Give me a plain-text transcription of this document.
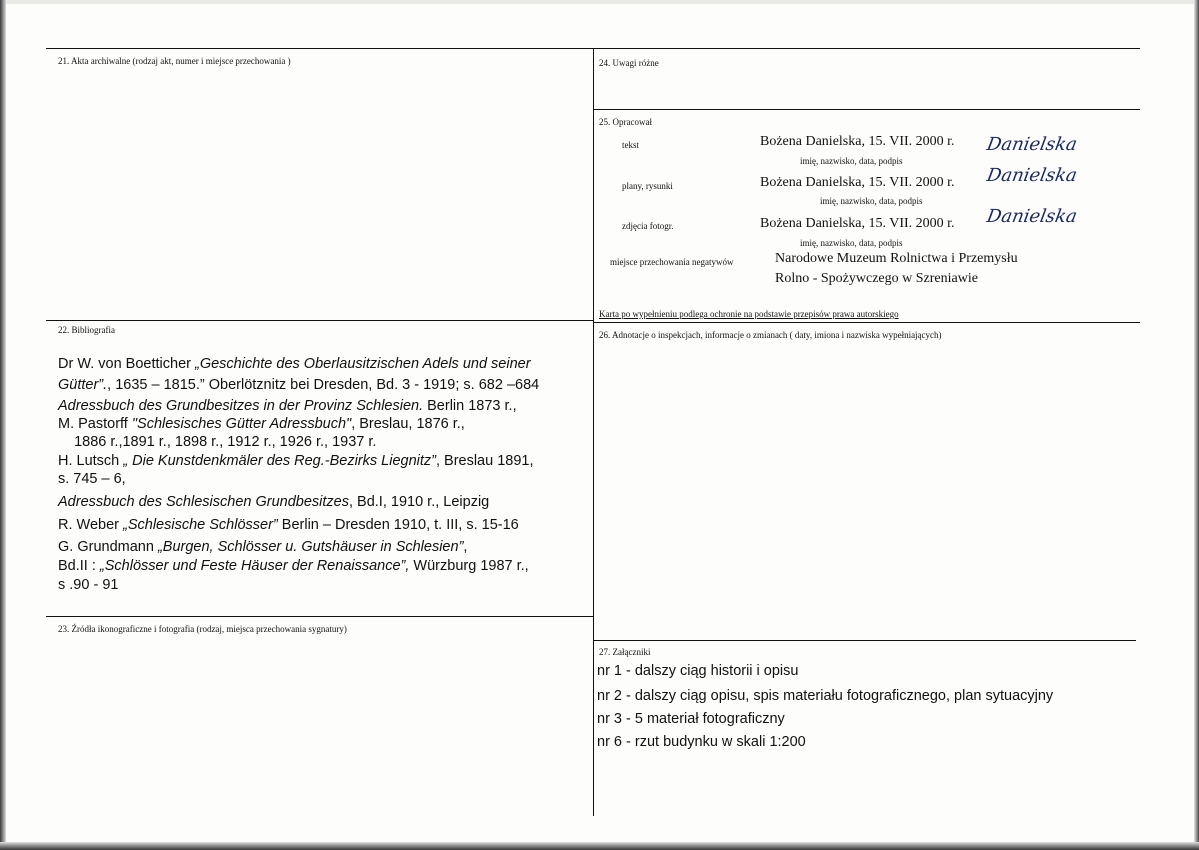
21. Akta archiwalne (rodzaj akt, numer i miejsce przechowania )	24. Uwagi różne
25. Opracował
tekst	Bożena Danielska, 15. VII. 2000 r. Danielska
imię, nazwisko, data, podpis
plany, rysunki	Bożena Danielska, 15. VII. 2000 r. Danielska
imię, nazwisko, data, podpis
zdjęcia fotogr.	Bożena Danielska, 15. VII. 2000 r. Danielska
imię, nazwisko, data, podpis
miejsce przechowania negatywów	Narodowe Muzeum Rolnictwa i Przemysłu
Rolno - Spożywczego w Szreniawie
Karta po wypełnieniu podlega ochronie na podstawie przepisów prawa autorskiego
22. Bibliografia
Dr W. von Boetticher „Geschichte des Oberlausitzischen Adels und seiner
Gütter”., 1635 – 1815.” Oberlötznitz bei Dresden, Bd. 3 - 1919; s. 682 –684
Adressbuch des Grundbesitzes in der Provinz Schlesien. Berlin 1873 r.,
M. Pastorff "Schlesisches Gütter Adressbuch", Breslau, 1876 r.,
1886 r.,1891 r., 1898 r., 1912 r., 1926 r., 1937 r.
H. Lutsch „ Die Kunstdenkmäler des Reg.-Bezirks Liegnitz”, Breslau 1891,
s. 745 – 6,
Adressbuch des Schlesischen Grundbesitzes, Bd.I, 1910 r., Leipzig
R. Weber „Schlesische Schlösser” Berlin – Dresden 1910, t. III, s. 15-16
G. Grundmann „Burgen, Schlösser u. Gutshäuser in Schlesien”,
Bd.II : „Schlösser und Feste Häuser der Renaissance”, Würzburg 1987 r.,
s .90 - 91
26. Adnotacje o inspekcjach, informacje o zmianach ( daty, imiona i nazwiska wypełniających)
23. Źródła ikonograficzne i fotografia (rodzaj, miejsca przechowania sygnatury)
27. Załączniki
nr 1 - dalszy ciąg historii i opisu
nr 2 - dalszy ciąg opisu, spis materiału fotograficznego, plan sytuacyjny
nr 3 - 5 materiał fotograficzny
nr 6 - rzut budynku w skali 1:200
